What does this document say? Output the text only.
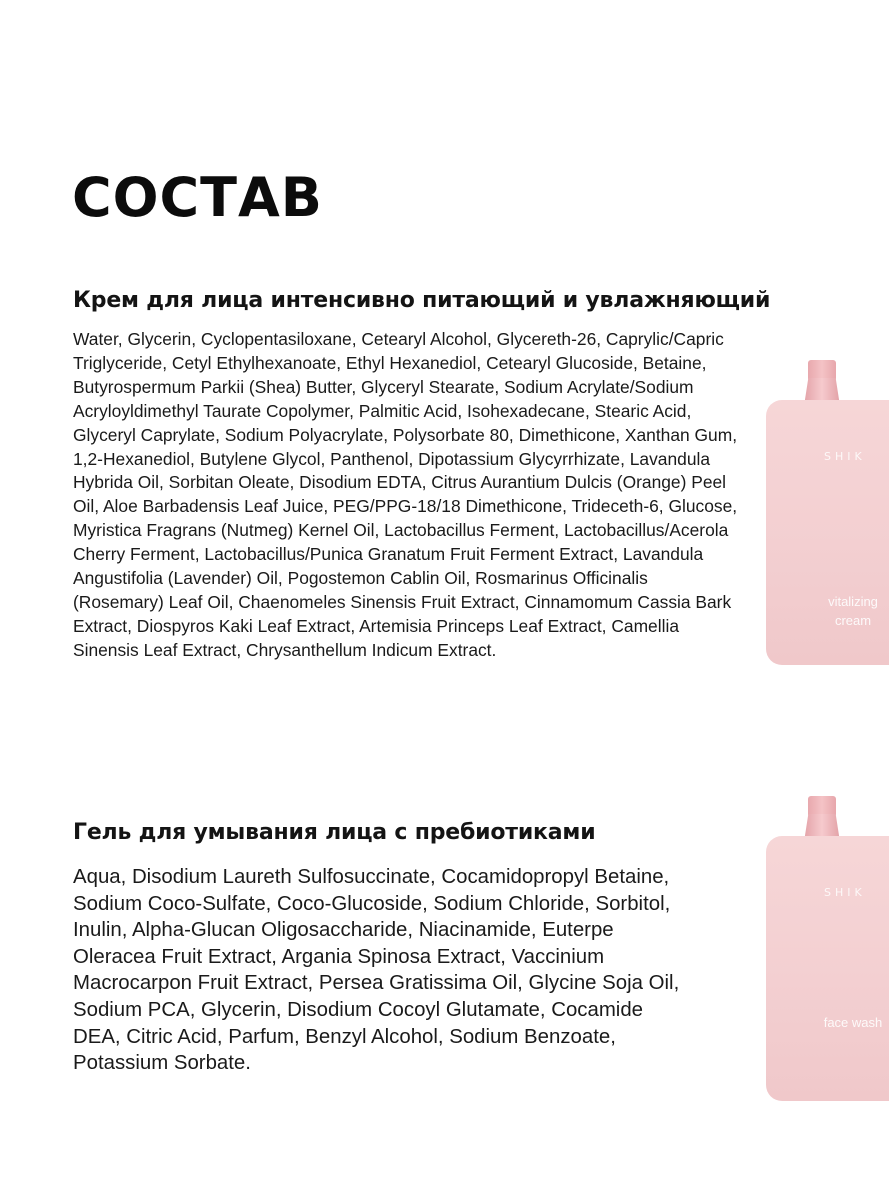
СОСТАВ
Крем для лица интенсивно питающий и увлажняющий

Water, Glycerin, Cyclopentasiloxane, Cetearyl Alcohol, Glycereth-26, Caprylic/Capric Triglyceride, Cetyl Ethylhexanoate, Ethyl Hexanediol, Cetearyl Glucoside, Betaine, Butyrospermum Parkii (Shea) Butter, Glyceryl Stearate, Sodium Acrylate/Sodium Acryloyldimethyl Taurate Copolymer, Palmitic Acid, Isohexadecane, Stearic Acid, Glyceryl Caprylate, Sodium Polyacrylate, Polysorbate 80, Dimethicone, Xanthan Gum, 1,2-Hexanediol, Butylene Glycol, Panthenol, Dipotassium Glycyrrhizate, Lavandula Hybrida Oil, Sorbitan Oleate, Disodium EDTA, Citrus Aurantium Dulcis (Orange) Peel Oil, Aloe Barbadensis Leaf Juice, PEG/PPG-18/18 Dimethicone, Trideceth-6, Glucose, Myristica Fragrans (Nutmeg) Kernel Oil, Lactobacillus Ferment, Lactobacillus/Acerola Cherry Ferment, Lactobacillus/Punica Granatum Fruit Ferment Extract, Lavandula Angustifolia (Lavender) Oil, Pogostemon Cablin Oil, Rosmarinus Officinalis (Rosemary) Leaf Oil, Chaenomeles Sinensis Fruit Extract, Cinnamomum Cassia Bark Extract, Diospyros Kaki Leaf Extract, Artemisia Princeps Leaf Extract, Camellia Sinensis Leaf Extract, Chrysanthellum Indicum Extract.

SHIK
vitalizing cream
Гель для умывания лица с пребиотиками

Aqua, Disodium Laureth Sulfosuccinate, Cocamidopropyl Betaine, Sodium Coco-Sulfate, Coco-Glucoside, Sodium Chloride, Sorbitol, Inulin, Alpha-Glucan Oligosaccharide, Niacinamide, Euterpe Oleracea Fruit Extract, Argania Spinosa Extract, Vaccinium Macrocarpon Fruit Extract, Persea Gratissima Oil, Glycine Soja Oil, Sodium PCA, Glycerin, Disodium Cocoyl Glutamate, Cocamide DEA, Citric Acid, Parfum, Benzyl Alcohol, Sodium Benzoate, Potassium Sorbate.

SHIK
face wash
